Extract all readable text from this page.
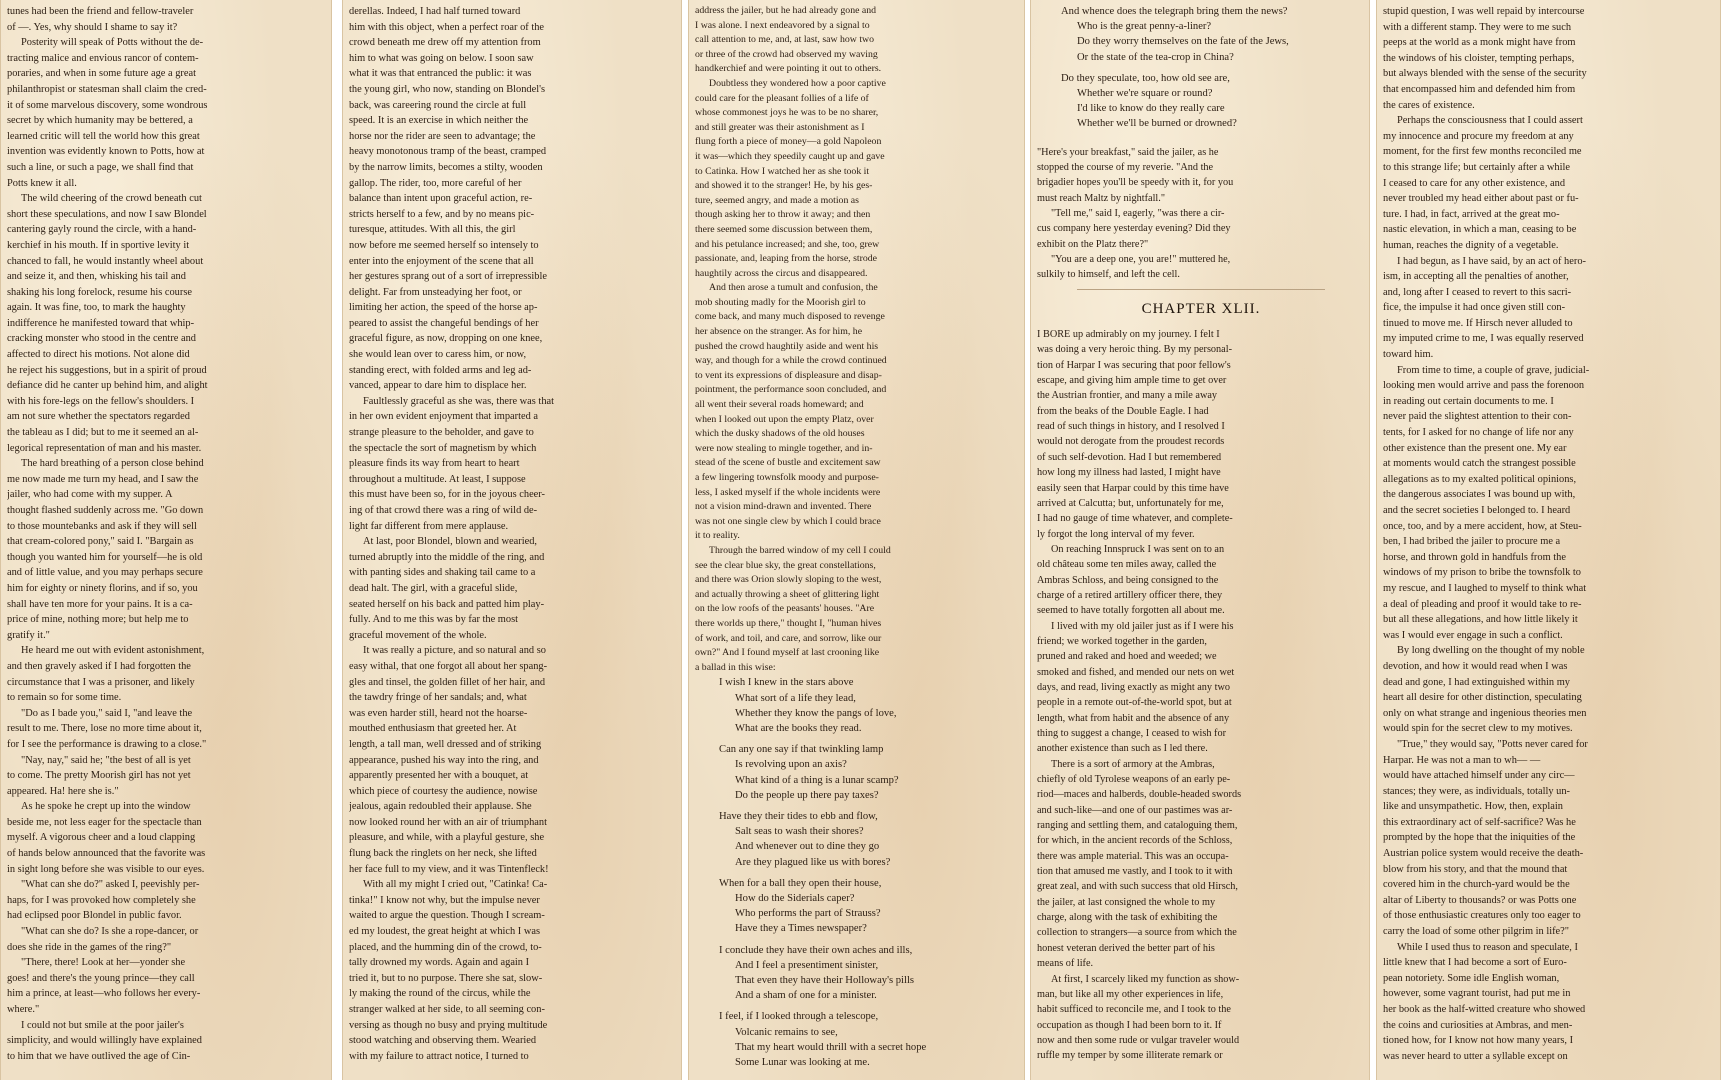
tunes had been the friend and fellow-traveler
of —. Yes, why should I shame to say it?
Posterity will speak of Potts without the de-
tracting malice and envious rancor of contem-
poraries, and when in some future age a great
philanthropist or statesman shall claim the cred-
it of some marvelous discovery, some wondrous
secret by which humanity may be bettered, a
learned critic will tell the world how this great
invention was evidently known to Potts, how at
such a line, or such a page, we shall find that
Potts knew it all.
The wild cheering of the crowd beneath cut
short these speculations, and now I saw Blondel
cantering gayly round the circle, with a hand-
kerchief in his mouth. If in sportive levity it
chanced to fall, he would instantly wheel about
and seize it, and then, whisking his tail and
shaking his long forelock, resume his course
again. It was fine, too, to mark the haughty
indifference he manifested toward that whip-
cracking monster who stood in the centre and
affected to direct his motions. Not alone did
he reject his suggestions, but in a spirit of proud
defiance did he canter up behind him, and alight
with his fore-legs on the fellow's shoulders. I
am not sure whether the spectators regarded
the tableau as I did; but to me it seemed an al-
legorical representation of man and his master.
The hard breathing of a person close behind
me now made me turn my head, and I saw the
jailer, who had come with my supper. A
thought flashed suddenly across me. "Go down
to those mountebanks and ask if they will sell
that cream-colored pony," said I. "Bargain as
though you wanted him for yourself—he is old
and of little value, and you may perhaps secure
him for eighty or ninety florins, and if so, you
shall have ten more for your pains. It is a ca-
price of mine, nothing more; but help me to
gratify it."
He heard me out with evident astonishment,
and then gravely asked if I had forgotten the
circumstance that I was a prisoner, and likely
to remain so for some time.
"Do as I bade you," said I, "and leave the
result to me. There, lose no more time about it,
for I see the performance is drawing to a close."
"Nay, nay," said he; "the best of all is yet
to come. The pretty Moorish girl has not yet
appeared. Ha! here she is."
As he spoke he crept up into the window
beside me, not less eager for the spectacle than
myself. A vigorous cheer and a loud clapping
of hands below announced that the favorite was
in sight long before she was visible to our eyes.
"What can she do?" asked I, peevishly per-
haps, for I was provoked how completely she
had eclipsed poor Blondel in public favor.
"What can she do? Is she a rope-dancer, or
does she ride in the games of the ring?"
"There, there! Look at her—yonder she
goes! and there's the young prince—they call
him a prince, at least—who follows her every-
where."
I could not but smile at the poor jailer's
simplicity, and would willingly have explained
to him that we have outlived the age of Cin-
derellas. Indeed, I had half turned toward
him with this object, when a perfect roar of the
crowd beneath me drew off my attention from
him to what was going on below. I soon saw
what it was that entranced the public: it was
the young girl, who now, standing on Blondel's
back, was careering round the circle at full
speed. It is an exercise in which neither the
horse nor the rider are seen to advantage; the
heavy monotonous tramp of the beast, cramped
by the narrow limits, becomes a stilty, wooden
gallop. The rider, too, more careful of her
balance than intent upon graceful action, re-
stricts herself to a few, and by no means pic-
turesque, attitudes. With all this, the girl
now before me seemed herself so intensely to
enter into the enjoyment of the scene that all
her gestures sprang out of a sort of irrepressible
delight. Far from unsteadying her foot, or
limiting her action, the speed of the horse ap-
peared to assist the changeful bendings of her
graceful figure, as now, dropping on one knee,
she would lean over to caress him, or now,
standing erect, with folded arms and leg ad-
vanced, appear to dare him to displace her.
Faultlessly graceful as she was, there was that
in her own evident enjoyment that imparted a
strange pleasure to the beholder, and gave to
the spectacle the sort of magnetism by which
pleasure finds its way from heart to heart
throughout a multitude. At least, I suppose
this must have been so, for in the joyous cheer-
ing of that crowd there was a ring of wild de-
light far different from mere applause.
At last, poor Blondel, blown and wearied,
turned abruptly into the middle of the ring, and
with panting sides and shaking tail came to a
dead halt. The girl, with a graceful slide,
seated herself on his back and patted him play-
fully. And to me this was by far the most
graceful movement of the whole.
It was really a picture, and so natural and so
easy withal, that one forgot all about her spang-
gles and tinsel, the golden fillet of her hair, and
the tawdry fringe of her sandals; and, what
was even harder still, heard not the hoarse-
mouthed enthusiasm that greeted her. At
length, a tall man, well dressed and of striking
appearance, pushed his way into the ring, and
apparently presented her with a bouquet, at
which piece of courtesy the audience, nowise
jealous, again redoubled their applause. She
now looked round her with an air of triumphant
pleasure, and while, with a playful gesture, she
flung back the ringlets on her neck, she lifted
her face full to my view, and it was Tintenfleck!
With all my might I cried out, "Catinka! Ca-
tinka!" I know not why, but the impulse never
waited to argue the question. Though I scream-
ed my loudest, the great height at which I was
placed, and the humming din of the crowd, to-
tally drowned my words. Again and again I
tried it, but to no purpose. There she sat, slow-
ly making the round of the circus, while the
stranger walked at her side, to all seeming con-
versing as though no busy and prying multitude
stood watching and observing them. Wearied
with my failure to attract notice, I turned to
address the jailer, but he had already gone and
I was alone. I next endeavored by a signal to
call attention to me, and, at last, saw how two
or three of the crowd had observed my waving
handkerchief and were pointing it out to others.
Doubtless they wondered how a poor captive
could care for the pleasant follies of a life of
whose commonest joys he was to be no sharer,
and still greater was their astonishment as I
flung forth a piece of money—a gold Napoleon
it was—which they speedily caught up and gave
to Catinka. How I watched her as she took it
and showed it to the stranger! He, by his ges-
ture, seemed angry, and made a motion as
though asking her to throw it away; and then
there seemed some discussion between them,
and his petulance increased; and she, too, grew
passionate, and, leaping from the horse, strode
haughtily across the circus and disappeared.
And then arose a tumult and confusion, the
mob shouting madly for the Moorish girl to
come back, and many much disposed to revenge
her absence on the stranger. As for him, he
pushed the crowd haughtily aside and went his
way, and though for a while the crowd continued
to vent its expressions of displeasure and disap-
pointment, the performance soon concluded, and
all went their several roads homeward; and
when I looked out upon the empty Platz, over
which the dusky shadows of the old houses
were now stealing to mingle together, and in-
stead of the scene of bustle and excitement saw
a few lingering townsfolk moody and purpose-
less, I asked myself if the whole incidents were
not a vision mind-drawn and invented. There
was not one single clew by which I could brace
it to reality.
Through the barred window of my cell I could
see the clear blue sky, the great constellations,
and there was Orion slowly sloping to the west,
and actually throwing a sheet of glittering light
on the low roofs of the peasants' houses. "Are
there worlds up there," thought I, "human hives
of work, and toil, and care, and sorrow, like our
own?" And I found myself at last crooning like
a ballad in this wise:
I wish I knew in the stars above
What sort of a life they lead,
Whether they know the pangs of love,
What are the books they read.
Can any one say if that twinkling lamp
Is revolving upon an axis?
What kind of a thing is a lunar scamp?
Do the people up there pay taxes?
Have they their tides to ebb and flow,
Salt seas to wash their shores?
And whenever out to dine they go
Are they plagued like us with bores?
When for a ball they open their house,
How do the Siderials caper?
Who performs the part of Strauss?
Have they a Times newspaper?
I conclude they have their own aches and ills,
And I feel a presentiment sinister,
That even they have their Holloway's pills
And a sham of one for a minister.
I feel, if I looked through a telescope,
Volcanic remains to see,
That my heart would thrill with a secret hope
Some Lunar was looking at me.
And whence does the telegraph bring them the news?
Who is the great penny-a-liner?
Do they worry themselves on the fate of the Jews,
Or the state of the tea-crop in China?
Do they speculate, too, how old see are,
Whether we're square or round?
I'd like to know do they really care
Whether we'll be burned or drowned?
"Here's your breakfast," said the jailer, as he
stopped the course of my reverie. "And the
brigadier hopes you'll be speedy with it, for you
must reach Maltz by nightfall."
"Tell me," said I, eagerly, "was there a cir-
cus company here yesterday evening? Did they
exhibit on the Platz there?"
"You are a deep one, you are!" muttered he,
sulkily to himself, and left the cell.
CHAPTER XLII.
I BORE up admirably on my journey. I felt I
was doing a very heroic thing. By my personal-
tion of Harpar I was securing that poor fellow's
escape, and giving him ample time to get over
the Austrian frontier, and many a mile away
from the beaks of the Double Eagle. I had
read of such things in history, and I resolved I
would not derogate from the proudest records
of such self-devotion. Had I but remembered
how long my illness had lasted, I might have
easily seen that Harpar could by this time have
arrived at Calcutta; but, unfortunately for me,
I had no gauge of time whatever, and complete-
ly forgot the long interval of my fever.
On reaching Innspruck I was sent on to an
old château some ten miles away, called the
Ambras Schloss, and being consigned to the
charge of a retired artillery officer there, they
seemed to have totally forgotten all about me.
I lived with my old jailer just as if I were his
friend; we worked together in the garden,
pruned and raked and hoed and weeded; we
smoked and fished, and mended our nets on wet
days, and read, living exactly as might any two
people in a remote out-of-the-world spot, but at
length, what from habit and the absence of any
thing to suggest a change, I ceased to wish for
another existence than such as I led there.
There is a sort of armory at the Ambras,
chiefly of old Tyrolese weapons of an early pe-
riod—maces and halberds, double-headed swords
and such-like—and one of our pastimes was ar-
ranging and settling them, and cataloguing them,
for which, in the ancient records of the Schloss,
there was ample material. This was an occupa-
tion that amused me vastly, and I took to it with
great zeal, and with such success that old Hirsch,
the jailer, at last consigned the whole to my
charge, along with the task of exhibiting the
collection to strangers—a source from which the
honest veteran derived the better part of his
means of life.
At first, I scarcely liked my function as show-
man, but like all my other experiences in life,
habit sufficed to reconcile me, and I took to the
occupation as though I had been born to it. If
now and then some rude or vulgar traveler would
ruffle my temper by some illiterate remark or
stupid question, I was well repaid by intercourse
with a different stamp. They were to me such
peeps at the world as a monk might have from
the windows of his cloister, tempting perhaps,
but always blended with the sense of the security
that encompassed him and defended him from
the cares of existence.
Perhaps the consciousness that I could assert
my innocence and procure my freedom at any
moment, for the first few months reconciled me
to this strange life; but certainly after a while
I ceased to care for any other existence, and
never troubled my head either about past or fu-
ture. I had, in fact, arrived at the great mo-
nastic elevation, in which a man, ceasing to be
human, reaches the dignity of a vegetable.
I had begun, as I have said, by an act of hero-
ism, in accepting all the penalties of another,
and, long after I ceased to revert to this sacri-
fice, the impulse it had once given still con-
tinued to move me. If Hirsch never alluded to
my imputed crime to me, I was equally reserved
toward him.
From time to time, a couple of grave, judicial-
looking men would arrive and pass the forenoon
in reading out certain documents to me. I
never paid the slightest attention to their con-
tents, for I asked for no change of life nor any
other existence than the present one. My ear
at moments would catch the strangest possible
allegations as to my exalted political opinions,
the dangerous associates I was bound up with,
and the secret societies I belonged to. I heard
once, too, and by a mere accident, how, at Steu-
ben, I had bribed the jailer to procure me a
horse, and thrown gold in handfuls from the
windows of my prison to bribe the townsfolk to
my rescue, and I laughed to myself to think what
a deal of pleading and proof it would take to re-
but all these allegations, and how little likely it
was I would ever engage in such a conflict.
By long dwelling on the thought of my noble
devotion, and how it would read when I was
dead and gone, I had extinguished within my
heart all desire for other distinction, speculating
only on what strange and ingenious theories men
would spin for the secret clew to my motives.
"True," they would say, "Potts never cared for
Harpar. He was not a man to wh— —
would have attached himself under any circ—
stances; they were, as individuals, totally un-
like and unsympathetic. How, then, explain
this extraordinary act of self-sacrifice? Was he
prompted by the hope that the iniquities of the
Austrian police system would receive the death-
blow from his story, and that the mound that
covered him in the church-yard would be the
altar of Liberty to thousands? or was Potts one
of those enthusiastic creatures only too eager to
carry the load of some other pilgrim in life?"
While I used thus to reason and speculate, I
little knew that I had become a sort of Euro-
pean notoriety. Some idle English woman,
however, some vagrant tourist, had put me in
her book as the half-witted creature who showed
the coins and curiosities at Ambras, and men-
tioned how, for I know not how many years, I
was never heard to utter a syllable except on
